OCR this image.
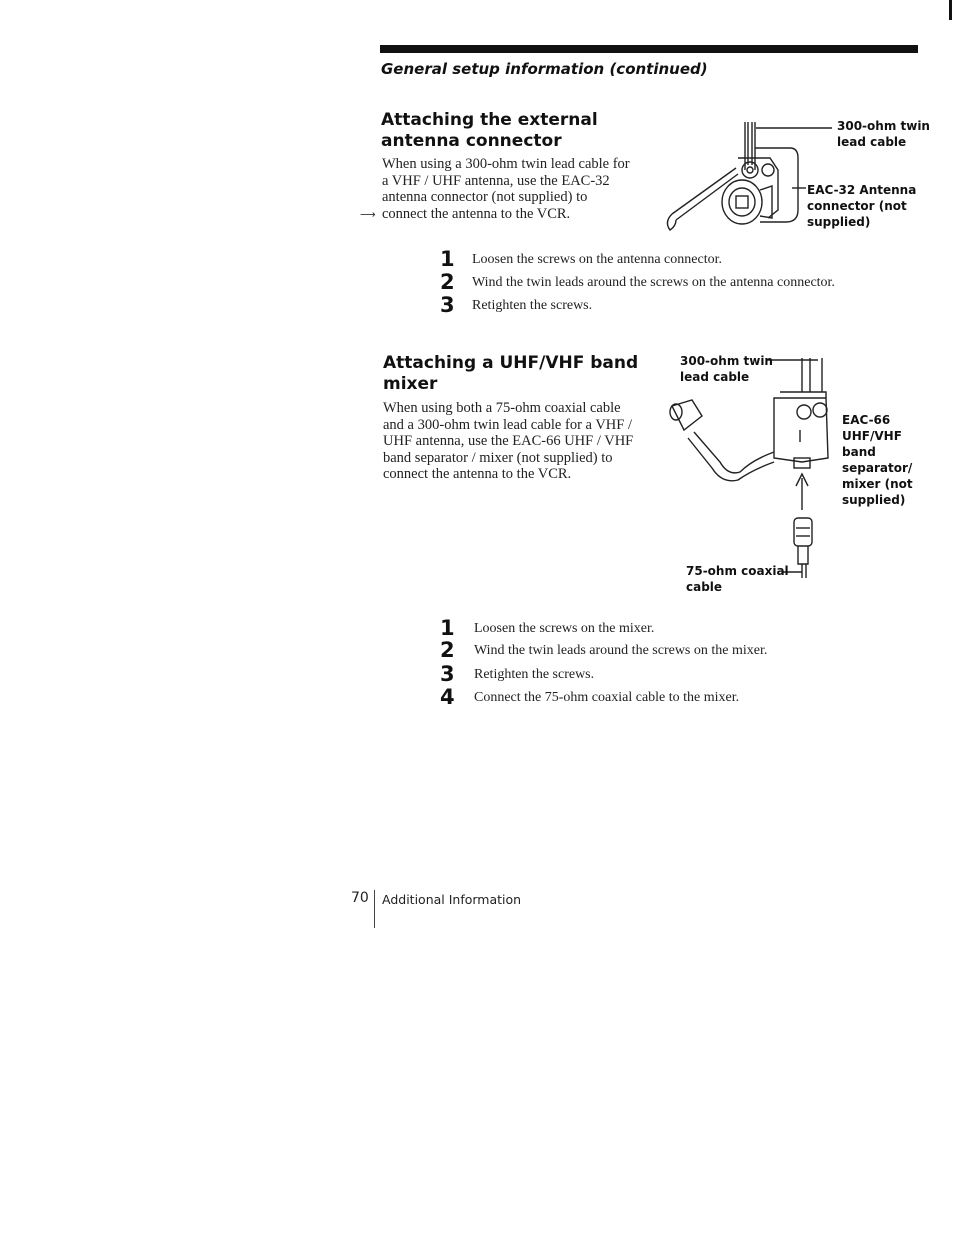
General setup information (continued)

Attaching the external

antenna connector

When using a 300-ohm twin lead cable for a VHF / UHF antenna, use the EAC-32 antenna connector (not supplied) to connect the antenna to the VCR.

⟶
300-ohm twin
lead cable
EAC-32 Antenna
connector (not
supplied)
1	Loosen the screws on the antenna connector.
2	Wind the twin leads around the screws on the antenna connector.
3	Retighten the screws.

Attaching a UHF/VHF band

mixer

When using both a 75-ohm coaxial cable and a 300-ohm twin lead cable for a VHF / UHF antenna, use the EAC-66 UHF / VHF band separator / mixer (not supplied) to connect the antenna to the VCR.

300-ohm twin
lead cable
EAC-66
UHF/VHF
band
separator/
mixer (not
supplied)
75-ohm coaxial
cable
1	Loosen the screws on the mixer.
2	Wind the twin leads around the screws on the mixer.
3	Retighten the screws.
4	Connect the 75-ohm coaxial cable to the mixer.
70 Additional Information
